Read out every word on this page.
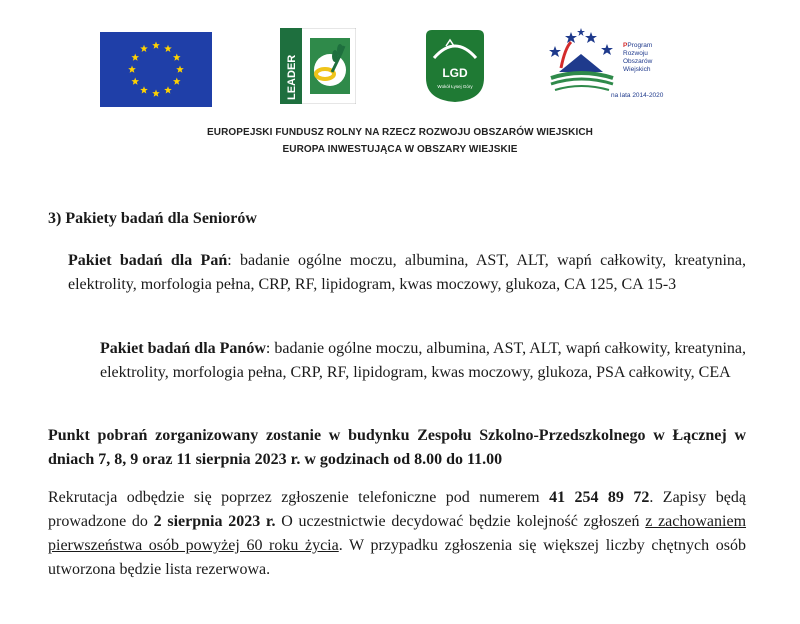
LEADER	LGD
Wokół Łysej Góry
PProgram
Rozwoju
Obszarów
Wiejskich
na lata 2014-2020
EUROPEJSKI FUNDUSZ ROLNY NA RZECZ ROZWOJU OBSZARÓW WIEJSKICH
EUROPA INWESTUJĄCA W OBSZARY WIEJSKIE
3) Pakiety badań dla Seniorów
Pakiet badań dla Pań: badanie ogólne moczu, albumina, AST, ALT, wapń całkowity, kreatynina, elektrolity, morfologia pełna, CRP, RF, lipidogram, kwas moczowy, glukoza, CA 125, CA 15-3
Pakiet badań dla Panów: badanie ogólne moczu, albumina, AST, ALT, wapń całkowity, kreatynina, elektrolity, morfologia pełna, CRP, RF, lipidogram, kwas moczowy, glukoza, PSA całkowity, CEA
Punkt pobrań zorganizowany zostanie w budynku Zespołu Szkolno-Przedszkolnego w Łącznej w dniach 7, 8, 9 oraz 11 sierpnia 2023 r. w godzinach od 8.00 do 11.00
Rekrutacja odbędzie się poprzez zgłoszenie telefoniczne pod numerem 41 254 89 72. Zapisy będą prowadzone do 2 sierpnia 2023 r. O uczestnictwie decydować będzie kolejność zgłoszeń z zachowaniem pierwszeństwa osób powyżej 60 roku życia. W przypadku zgłoszenia się większej liczby chętnych osób utworzona będzie lista rezerwowa.
